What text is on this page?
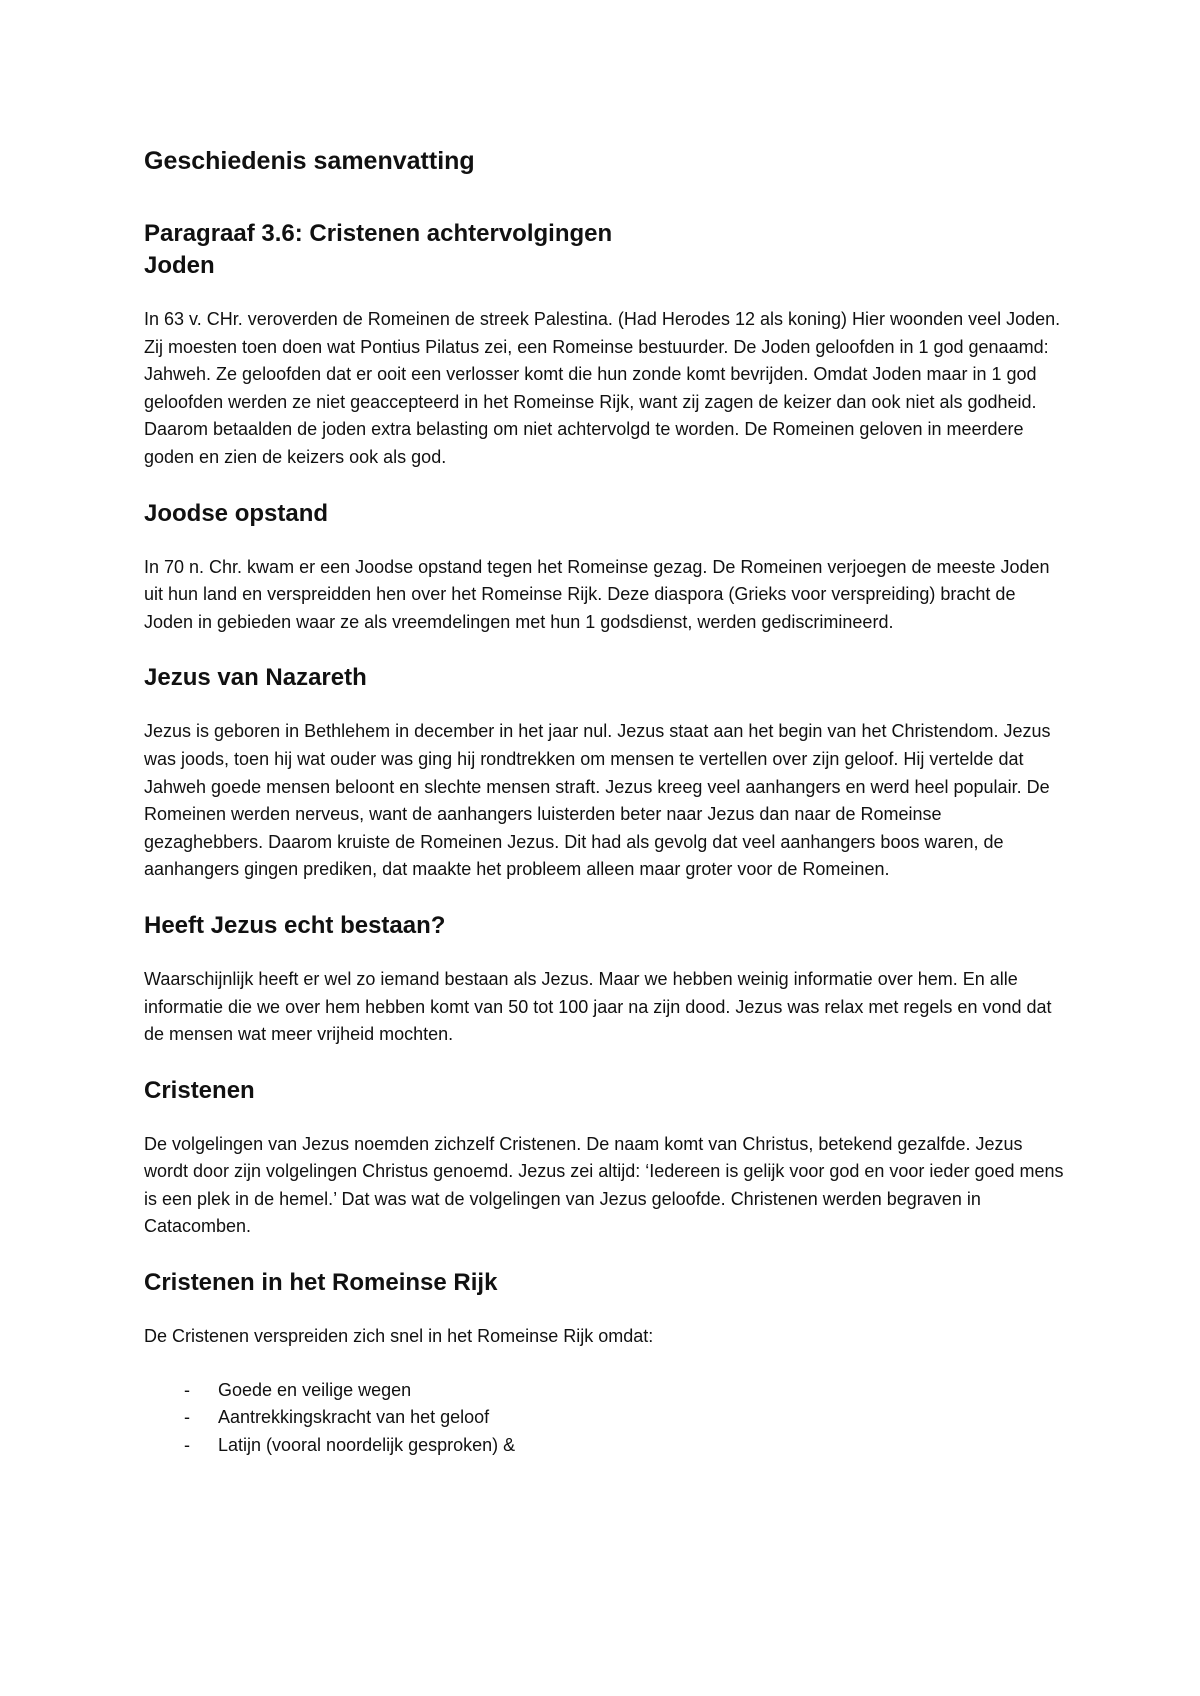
Geschiedenis samenvatting
Paragraaf 3.6: Cristenen achtervolgingen
Joden

In 63 v. CHr. veroverden de Romeinen de streek Palestina. (Had Herodes 12 als koning) Hier woonden veel Joden. Zij moesten toen doen wat Pontius Pilatus zei, een Romeinse bestuurder. De Joden geloofden in 1 god genaamd: Jahweh. Ze geloofden dat er ooit een verlosser komt die hun zonde komt bevrijden. Omdat Joden maar in 1 god geloofden werden ze niet geaccepteerd in het Romeinse Rijk, want zij zagen de keizer dan ook niet als godheid. Daarom betaalden de joden extra belasting om niet achtervolgd te worden. De Romeinen geloven in meerdere goden en zien de keizers ook als god.

Joodse opstand

In 70 n. Chr. kwam er een Joodse opstand tegen het Romeinse gezag. De Romeinen verjoegen de meeste Joden uit hun land en verspreidden hen over het Romeinse Rijk. Deze diaspora (Grieks voor verspreiding) bracht de Joden in gebieden waar ze als vreemdelingen met hun 1 godsdienst, werden gediscrimineerd.

Jezus van Nazareth

Jezus is geboren in Bethlehem in december in het jaar nul. Jezus staat aan het begin van het Christendom. Jezus was joods, toen hij wat ouder was ging hij rondtrekken om mensen te vertellen over zijn geloof. Hij vertelde dat Jahweh goede mensen beloont en slechte mensen straft. Jezus kreeg veel aanhangers en werd heel populair. De Romeinen werden nerveus, want de aanhangers luisterden beter naar Jezus dan naar de Romeinse gezaghebbers. Daarom kruiste de Romeinen Jezus. Dit had als gevolg dat veel aanhangers boos waren, de aanhangers gingen prediken, dat maakte het probleem alleen maar groter voor de Romeinen.

Heeft Jezus echt bestaan?

Waarschijnlijk heeft er wel zo iemand bestaan als Jezus. Maar we hebben weinig informatie over hem. En alle informatie die we over hem hebben komt van 50 tot 100 jaar na zijn dood. Jezus was relax met regels en vond dat de mensen wat meer vrijheid mochten.

Cristenen

De volgelingen van Jezus noemden zichzelf Cristenen. De naam komt van Christus, betekend gezalfde. Jezus wordt door zijn volgelingen Christus genoemd. Jezus zei altijd: ‘Iedereen is gelijk voor god en voor ieder goed mens is een plek in de hemel.’ Dat was wat de volgelingen van Jezus geloofde. Christenen werden begraven in Catacomben.

Cristenen in het Romeinse Rijk

De Cristenen verspreiden zich snel in het Romeinse Rijk omdat:

- Goede en veilige wegen
- Aantrekkingskracht van het geloof
- Latijn (vooral noordelijk gesproken) &
